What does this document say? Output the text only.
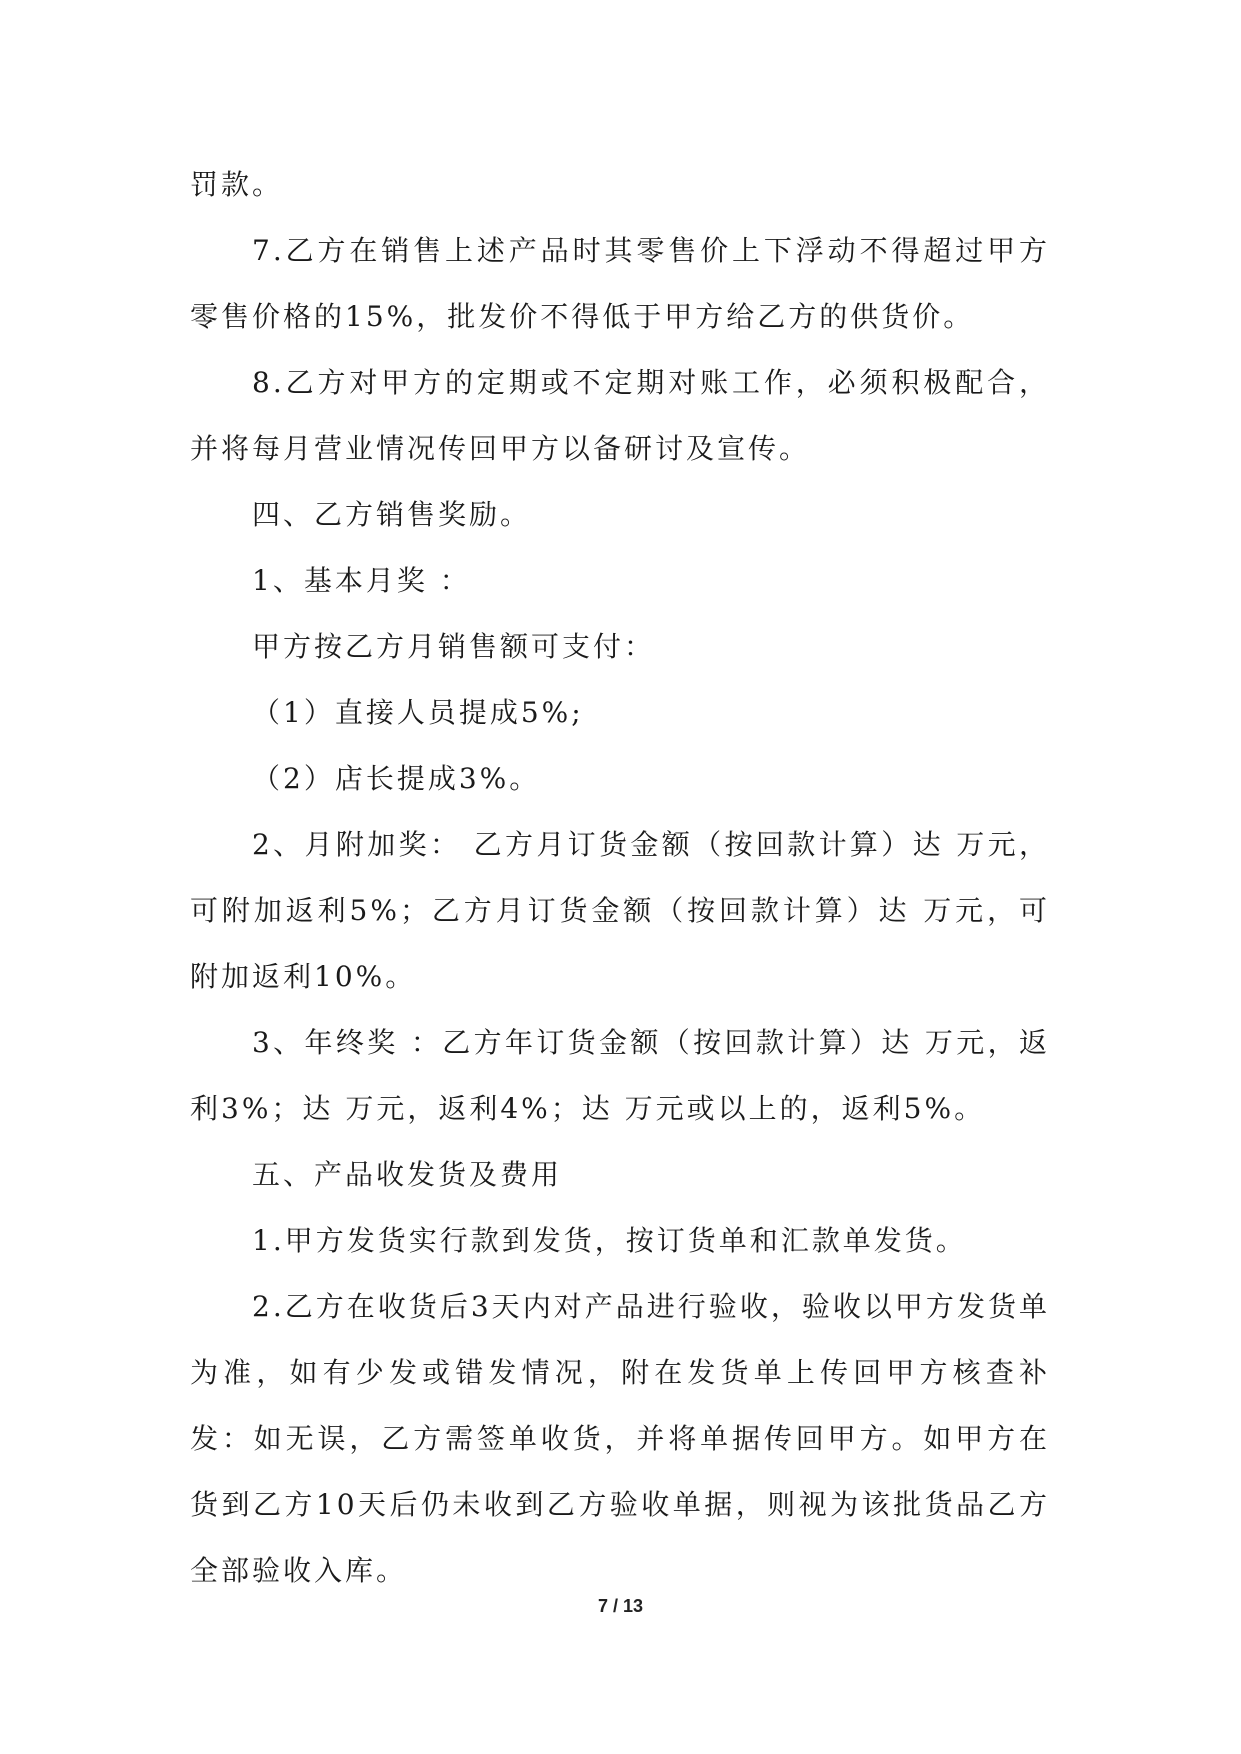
罚款。

7.乙方在销售上述产品时其零售价上下浮动不得超过甲方零售价格的15%，批发价不得低于甲方给乙方的供货价。

8.乙方对甲方的定期或不定期对账工作，必须积极配合，并将每月营业情况传回甲方以备研讨及宣传。

四、乙方销售奖励。

1、基本月奖 ：

甲方按乙方月销售额可支付：

（1）直接人员提成5%;

（2）店长提成3%。

2、月附加奖： 乙方月订货金额（按回款计算）达 万元，可附加返利5%；乙方月订货金额（按回款计算）达 万元，可附加返利10%。

3、年终奖 ：乙方年订货金额（按回款计算）达 万元，返利3%；达 万元，返利4%；达 万元或以上的，返利5%。

五、产品收发货及费用

1.甲方发货实行款到发货，按订货单和汇款单发货。

2.乙方在收货后3天内对产品进行验收，验收以甲方发货单为准，如有少发或错发情况，附在发货单上传回甲方核查补发：如无误，乙方需签单收货，并将单据传回甲方。如甲方在货到乙方10天后仍未收到乙方验收单据，则视为该批货品乙方全部验收入库。

7 / 13
